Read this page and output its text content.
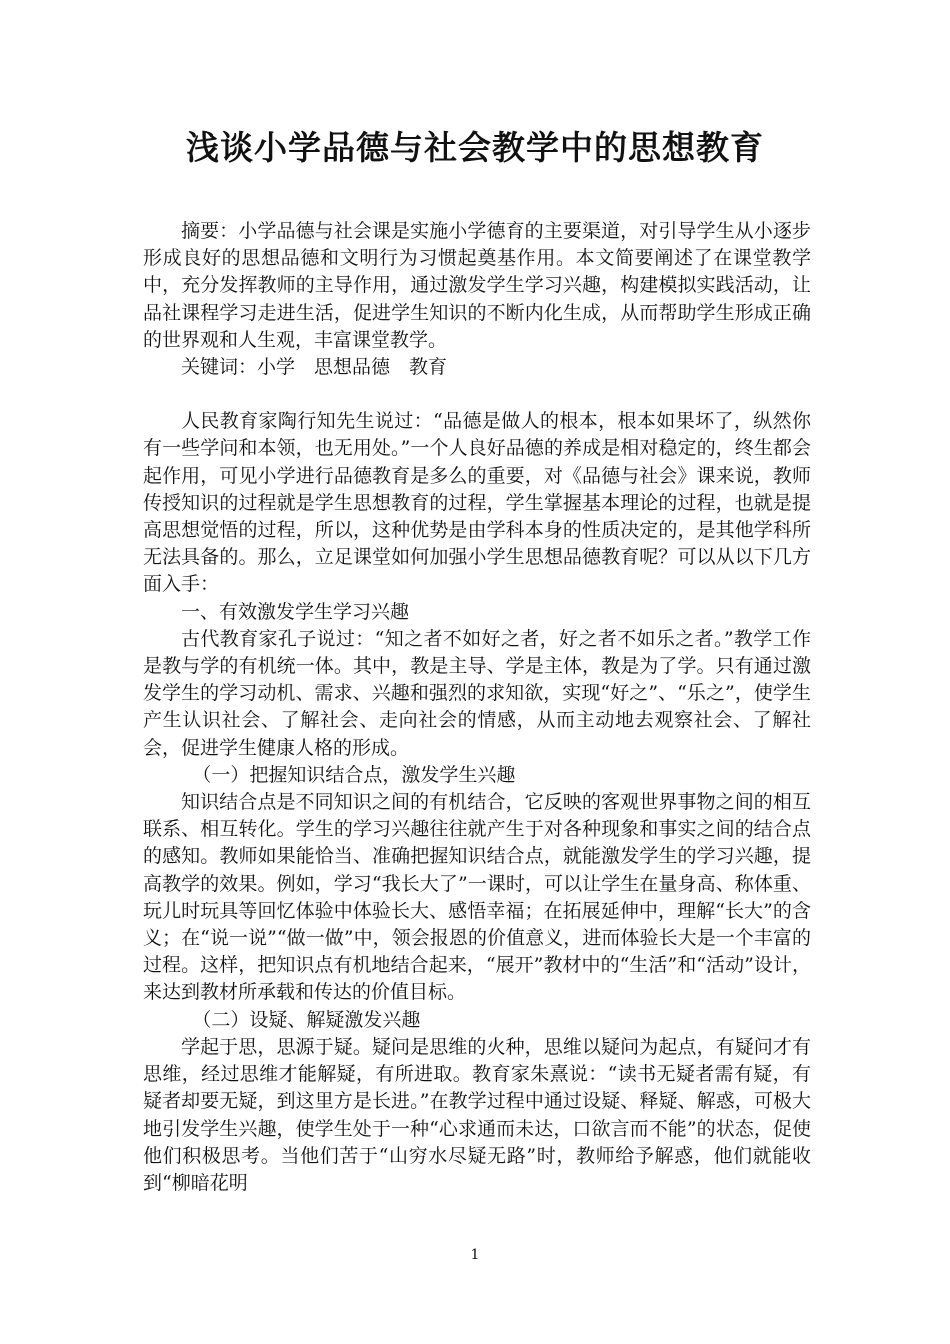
浅谈小学品德与社会教学中的思想教育

摘要：小学品德与社会课是实施小学德育的主要渠道，对引导学生从小逐步形成良好的思想品德和文明行为习惯起奠基作用。本文简要阐述了在课堂教学中，充分发挥教师的主导作用，通过激发学生学习兴趣，构建模拟实践活动，让品社课程学习走进生活，促进学生知识的不断内化生成，从而帮助学生形成正确的世界观和人生观，丰富课堂教学。

关键词：小学　思想品德　教育

人民教育家陶行知先生说过：“品德是做人的根本，根本如果坏了，纵然你有一些学问和本领，也无用处。”一个人良好品德的养成是相对稳定的，终生都会起作用，可见小学进行品德教育是多么的重要，对《品德与社会》课来说，教师传授知识的过程就是学生思想教育的过程，学生掌握基本理论的过程，也就是提高思想觉悟的过程，所以，这种优势是由学科本身的性质决定的，是其他学科所无法具备的。那么，立足课堂如何加强小学生思想品德教育呢？可以从以下几方面入手：

一、有效激发学生学习兴趣

古代教育家孔子说过：“知之者不如好之者，好之者不如乐之者。”教学工作是教与学的有机统一体。其中，教是主导、学是主体，教是为了学。只有通过激发学生的学习动机、需求、兴趣和强烈的求知欲，实现“好之”、“乐之”，使学生产生认识社会、了解社会、走向社会的情感，从而主动地去观察社会、了解社会，促进学生健康人格的形成。

（一）把握知识结合点，激发学生兴趣

知识结合点是不同知识之间的有机结合，它反映的客观世界事物之间的相互联系、相互转化。学生的学习兴趣往往就产生于对各种现象和事实之间的结合点的感知。教师如果能恰当、准确把握知识结合点，就能激发学生的学习兴趣，提高教学的效果。例如，学习“我长大了”一课时，可以让学生在量身高、称体重、玩儿时玩具等回忆体验中体验长大、感悟幸福；在拓展延伸中，理解“长大”的含义；在“说一说”“做一做”中，领会报恩的价值意义，进而体验长大是一个丰富的过程。这样，把知识点有机地结合起来，“展开”教材中的“生活”和“活动”设计，来达到教材所承载和传达的价值目标。

（二）设疑、解疑激发兴趣

学起于思，思源于疑。疑问是思维的火种，思维以疑问为起点，有疑问才有思维，经过思维才能解疑，有所进取。教育家朱熹说：“读书无疑者需有疑，有疑者却要无疑，到这里方是长进。”在教学过程中通过设疑、释疑、解惑，可极大地引发学生兴趣，使学生处于一种“心求通而未达，口欲言而不能”的状态，促使他们积极思考。当他们苦于“山穷水尽疑无路”时，教师给予解惑，他们就能收到“柳暗花明

1
